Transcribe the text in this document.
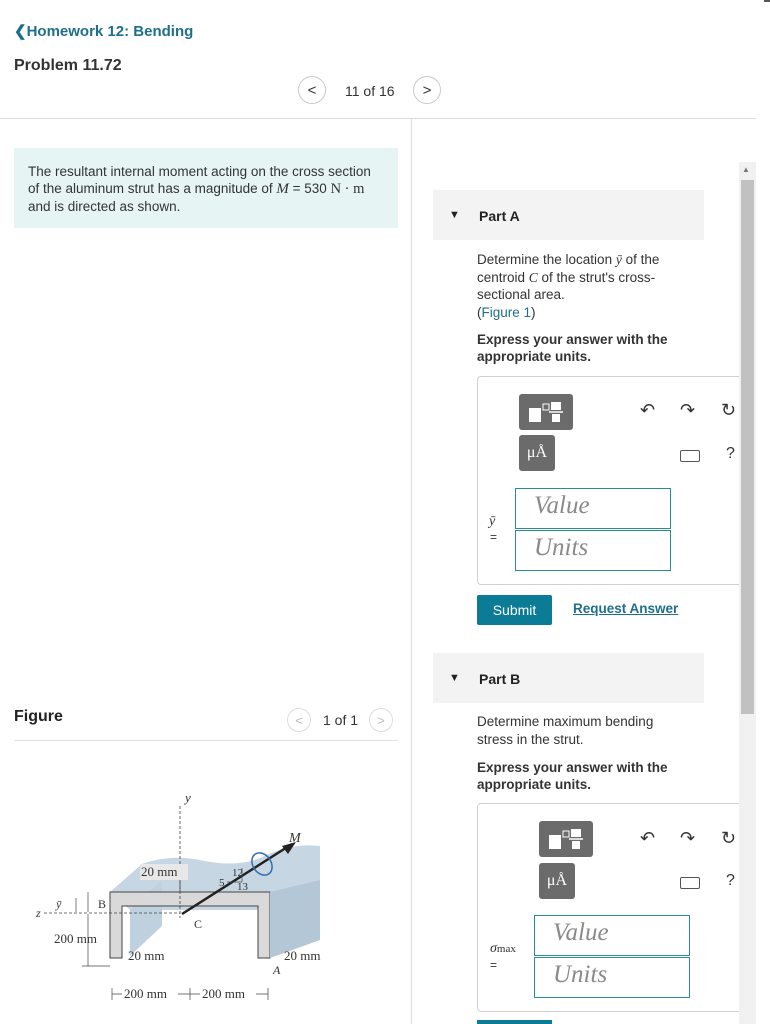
❮Homework 12: Bending
Problem 11.72
< 11 of 16 >
The resultant internal moment acting on the cross section of the aluminum strut has a magnitude of M = 530 N · m and is directed as shown.
Figure	< 1 of 1 >
y
z
M
12
5 13
20 mm
B
C
A
ȳ
200 mm
20 mm	20 mm
200 mm	200 mm
▼ Part A
Determine the location ȳ of the centroid C of the strut's cross-sectional area.
(Figure 1)
Express your answer with the appropriate units.
μÅ
↶ ↷ ↻
?
ȳ
=
Value
Units
Submit	Request Answer
▼ Part B
Determine maximum bending stress in the strut.
Express your answer with the appropriate units.
μÅ
↶ ↷ ↻
?
σmax
=
Value
Units
▲
